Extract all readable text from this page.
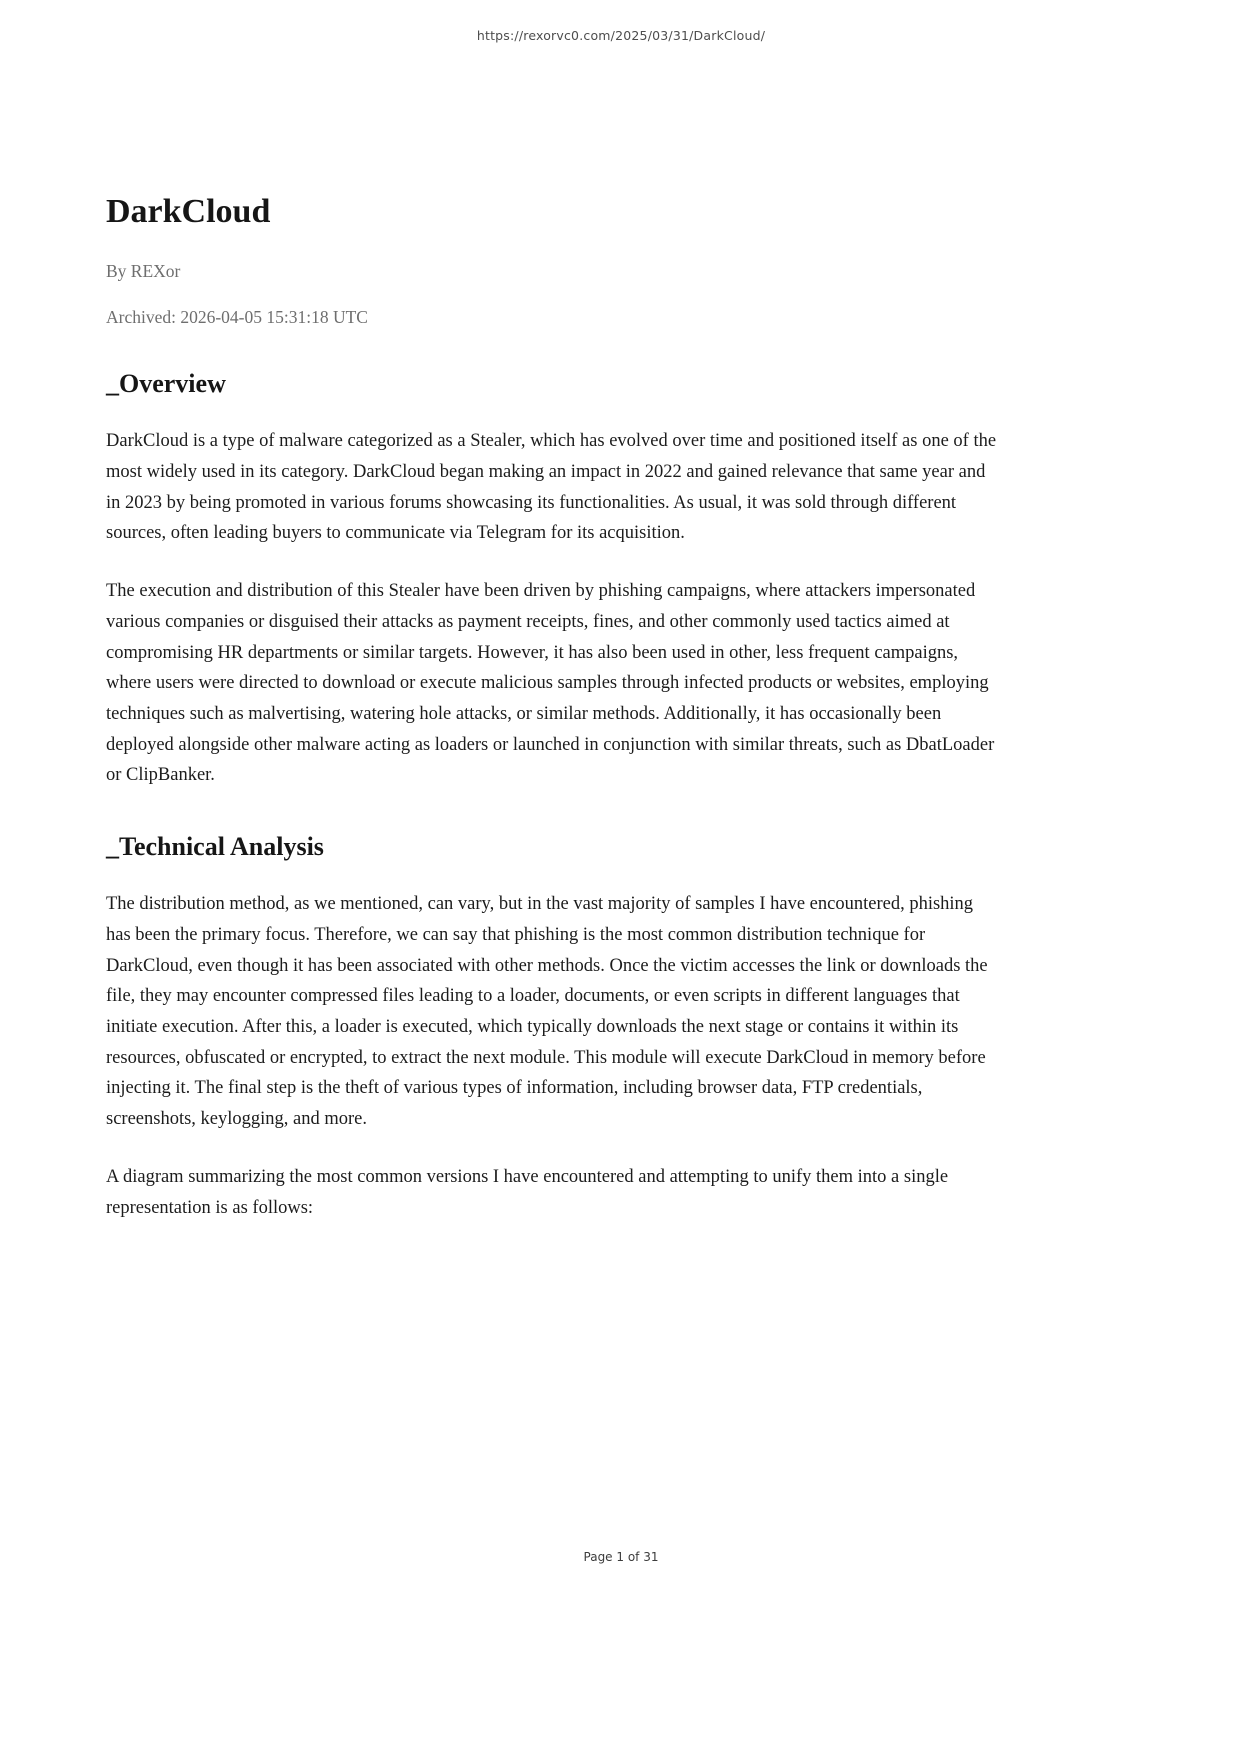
https://rexorvc0.com/2025/03/31/DarkCloud/
DarkCloud

By REXor

Archived: 2026-04-05 15:31:18 UTC

_Overview

DarkCloud is a type of malware categorized as a Stealer, which has evolved over time and positioned itself as one of the most widely used in its category. DarkCloud began making an impact in 2022 and gained relevance that same year and in 2023 by being promoted in various forums showcasing its functionalities. As usual, it was sold through different sources, often leading buyers to communicate via Telegram for its acquisition.

The execution and distribution of this Stealer have been driven by phishing campaigns, where attackers impersonated various companies or disguised their attacks as payment receipts, fines, and other commonly used tactics aimed at compromising HR departments or similar targets. However, it has also been used in other, less frequent campaigns, where users were directed to download or execute malicious samples through infected products or websites, employing techniques such as malvertising, watering hole attacks, or similar methods. Additionally, it has occasionally been deployed alongside other malware acting as loaders or launched in conjunction with similar threats, such as DbatLoader or ClipBanker.

_Technical Analysis

The distribution method, as we mentioned, can vary, but in the vast majority of samples I have encountered, phishing has been the primary focus. Therefore, we can say that phishing is the most common distribution technique for DarkCloud, even though it has been associated with other methods. Once the victim accesses the link or downloads the file, they may encounter compressed files leading to a loader, documents, or even scripts in different languages that initiate execution. After this, a loader is executed, which typically downloads the next stage or contains it within its resources, obfuscated or encrypted, to extract the next module. This module will execute DarkCloud in memory before injecting it. The final step is the theft of various types of information, including browser data, FTP credentials, screenshots, keylogging, and more.

A diagram summarizing the most common versions I have encountered and attempting to unify them into a single representation is as follows:

Page 1 of 31
